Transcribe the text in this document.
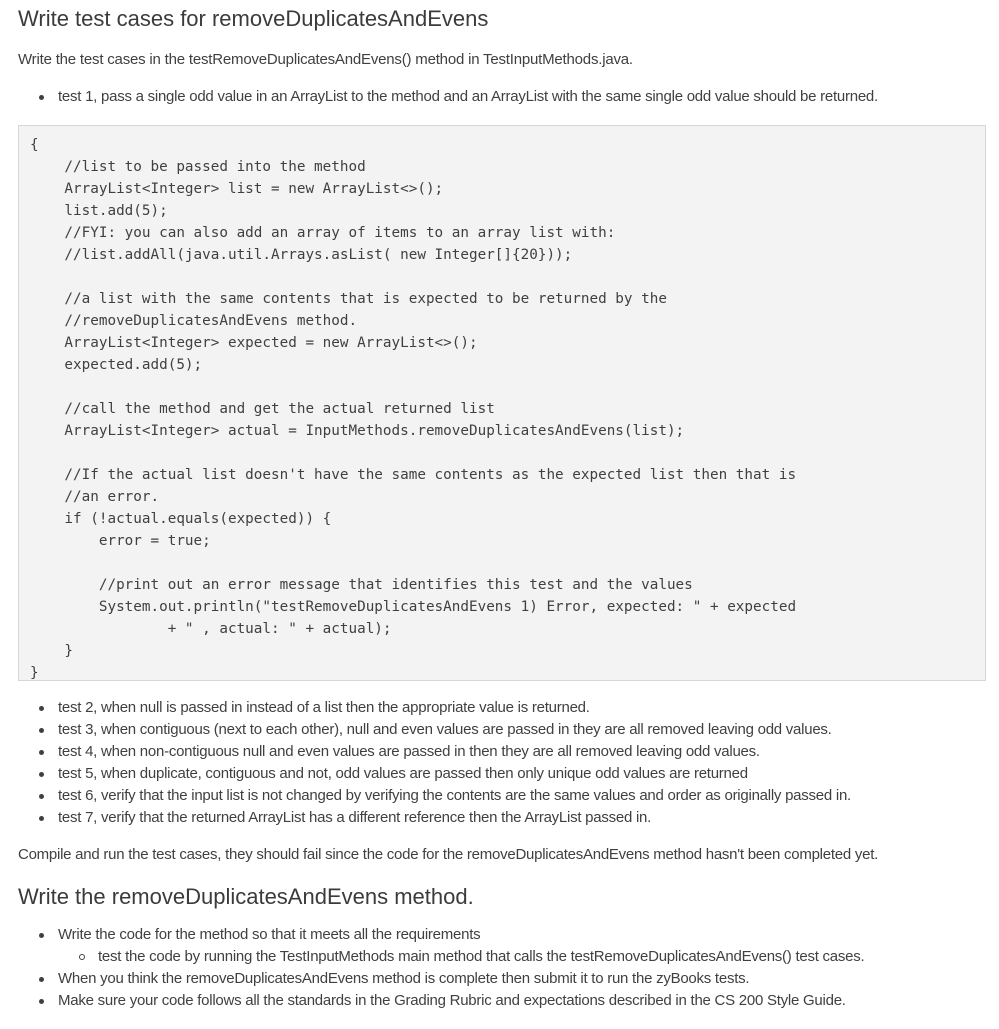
Write test cases for removeDuplicatesAndEvens

Write the test cases in the testRemoveDuplicatesAndEvens() method in TestInputMethods.java.

test 1, pass a single odd value in an ArrayList to the method and an ArrayList with the same single odd value should be returned.
{
//list to be passed into the method
ArrayList<Integer> list = new ArrayList<>();
list.add(5);
//FYI: you can also add an array of items to an array list with:
//list.addAll(java.util.Arrays.asList( new Integer[]{20}));

//a list with the same contents that is expected to be returned by the
//removeDuplicatesAndEvens method.
ArrayList<Integer> expected = new ArrayList<>();
expected.add(5);

//call the method and get the actual returned list
ArrayList<Integer> actual = InputMethods.removeDuplicatesAndEvens(list);

//If the actual list doesn't have the same contents as the expected list then that is
//an error.
if (!actual.equals(expected)) {
error = true;

//print out an error message that identifies this test and the values
System.out.println("testRemoveDuplicatesAndEvens 1) Error, expected: " + expected
+ " , actual: " + actual);
}
}
test 2, when null is passed in instead of a list then the appropriate value is returned.
test 3, when contiguous (next to each other), null and even values are passed in they are all removed leaving odd values.
test 4, when non-contiguous null and even values are passed in then they are all removed leaving odd values.
test 5, when duplicate, contiguous and not, odd values are passed then only unique odd values are returned
test 6, verify that the input list is not changed by verifying the contents are the same values and order as originally passed in.
test 7, verify that the returned ArrayList has a different reference then the ArrayList passed in.

Compile and run the test cases, they should fail since the code for the removeDuplicatesAndEvens method hasn't been completed yet.

Write the removeDuplicatesAndEvens method.
Write the code for the method so that it meets all the requirements
test the code by running the TestInputMethods main method that calls the testRemoveDuplicatesAndEvens() test cases.
When you think the removeDuplicatesAndEvens method is complete then submit it to run the zyBooks tests.
Make sure your code follows all the standards in the Grading Rubric and expectations described in the CS 200 Style Guide.
